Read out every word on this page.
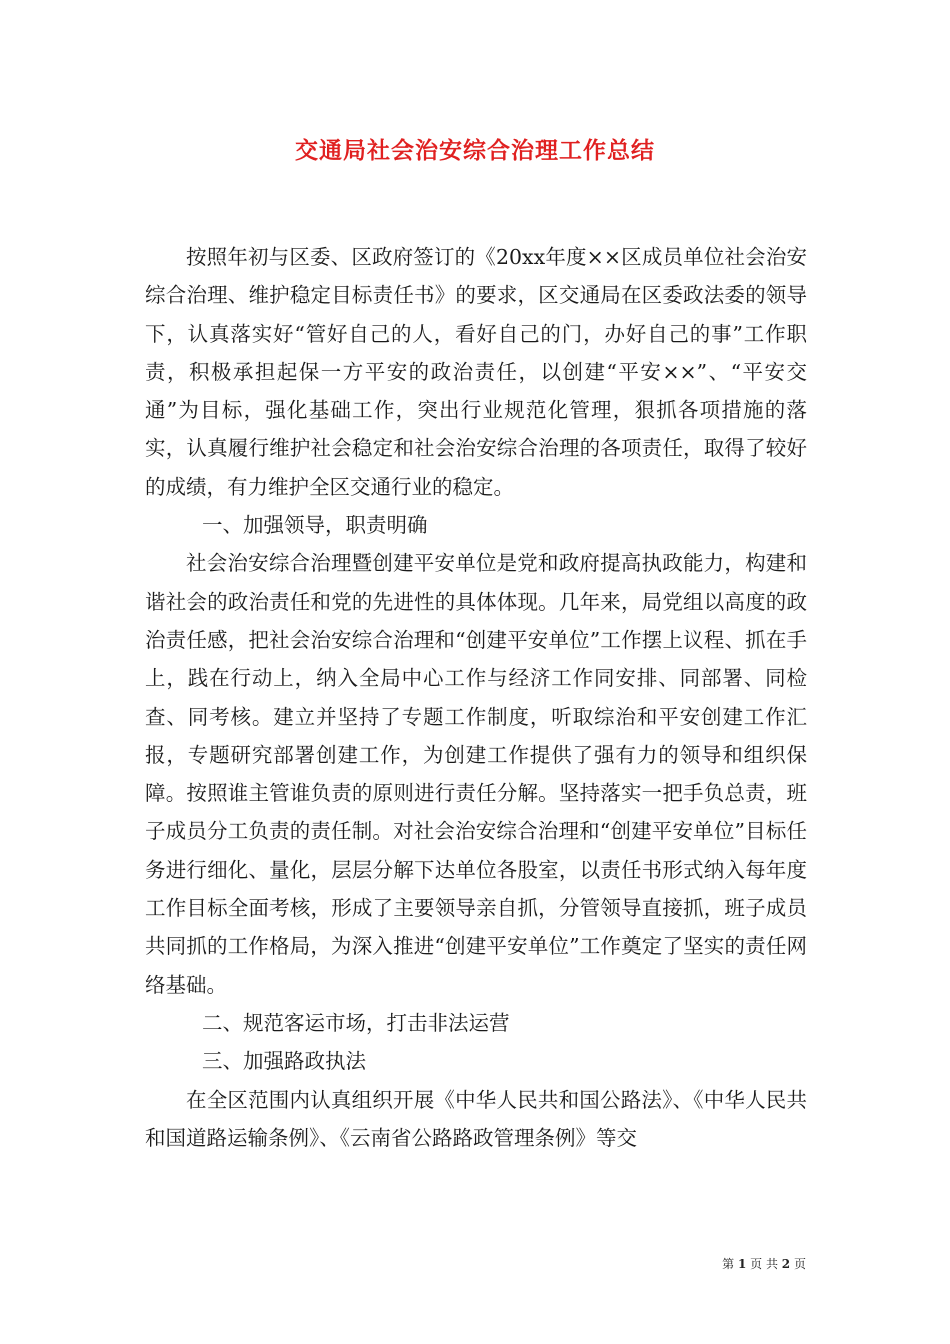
交通局社会治安综合治理工作总结

按照年初与区委、区政府签订的《20xx年度××区成员单位社会治安综合治理、维护稳定目标责任书》的要求，区交通局在区委政法委的领导下，认真落实好“管好自己的人，看好自己的门，办好自己的事”工作职责，积极承担起保一方平安的政治责任，以创建“平安××”、“平安交通”为目标，强化基础工作，突出行业规范化管理，狠抓各项措施的落实，认真履行维护社会稳定和社会治安综合治理的各项责任，取得了较好的成绩，有力维护全区交通行业的稳定。

一、加强领导，职责明确

社会治安综合治理暨创建平安单位是党和政府提高执政能力，构建和谐社会的政治责任和党的先进性的具体体现。几年来，局党组以高度的政治责任感，把社会治安综合治理和“创建平安单位”工作摆上议程、抓在手上，践在行动上，纳入全局中心工作与经济工作同安排、同部署、同检查、同考核。建立并坚持了专题工作制度，听取综治和平安创建工作汇报，专题研究部署创建工作，为创建工作提供了强有力的领导和组织保障。按照谁主管谁负责的原则进行责任分解。坚持落实一把手负总责，班子成员分工负责的责任制。对社会治安综合治理和“创建平安单位”目标任务进行细化、量化，层层分解下达单位各股室，以责任书形式纳入每年度工作目标全面考核，形成了主要领导亲自抓，分管领导直接抓，班子成员共同抓的工作格局，为深入推进“创建平安单位”工作奠定了坚实的责任网络基础。

二、规范客运市场，打击非法运营

三、加强路政执法

在全区范围内认真组织开展《中华人民共和国公路法》、《中华人民共和国道路运输条例》、《云南省公路路政管理条例》等交

第 1 页 共 2 页
